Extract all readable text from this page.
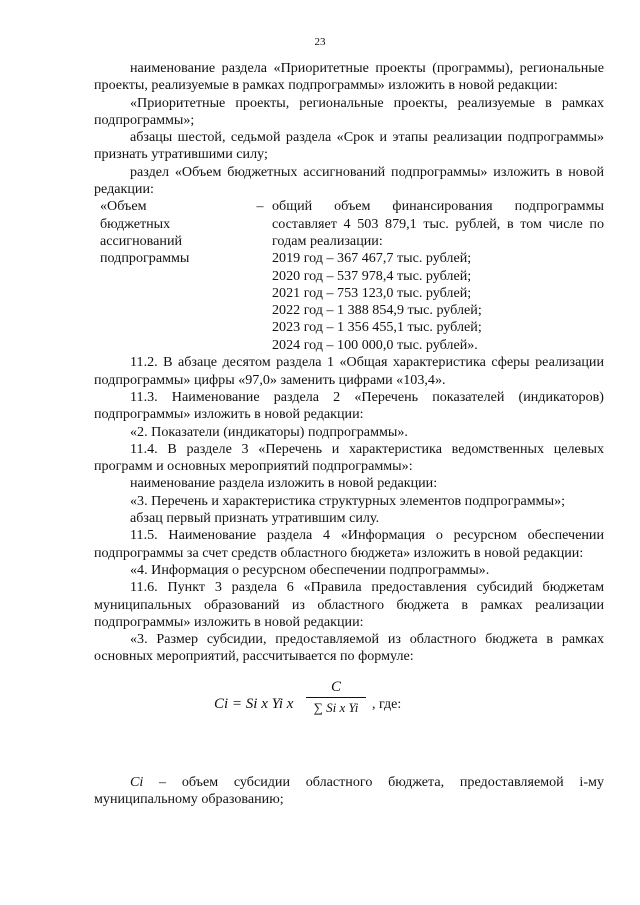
23

наименование раздела «Приоритетные проекты (программы), региональные проекты, реализуемые в рамках подпрограммы» изложить в новой редакции:

«Приоритетные проекты, региональные проекты, реализуемые в рамках подпрограммы»;

абзацы шестой, седьмой раздела «Срок и этапы реализации подпрограммы» признать утратившими силу;

раздел «Объем бюджетных ассигнований подпрограммы» изложить в новой редакции:

«Объем
бюджетных
ассигнований
подпрограммы
– общий объем финансирования подпрограммы составляет 4 503 879,1 тыс. рублей, в том числе по годам реализации:

2019 год – 367 467,7 тыс. рублей;
2020 год – 537 978,4 тыс. рублей;
2021 год – 753 123,0 тыс. рублей;
2022 год – 1 388 854,9 тыс. рублей;
2023 год – 1 356 455,1 тыс. рублей;
2024 год – 100 000,0 тыс. рублей».

11.2. В абзаце десятом раздела 1 «Общая характеристика сферы реализации подпрограммы» цифры «97,0» заменить цифрами «103,4».

11.3. Наименование раздела 2 «Перечень показателей (индикаторов) подпрограммы» изложить в новой редакции:

«2. Показатели (индикаторы) подпрограммы».

11.4. В разделе 3 «Перечень и характеристика ведомственных целевых программ и основных мероприятий подпрограммы»:

наименование раздела изложить в новой редакции:

«3. Перечень и характеристика структурных элементов подпрограммы»;

абзац первый признать утратившим силу.

11.5. Наименование раздела 4 «Информация о ресурсном обеспечении подпрограммы за счет средств областного бюджета» изложить в новой редакции:

«4. Информация о ресурсном обеспечении подпрограммы».

11.6. Пункт 3 раздела 6 «Правила предоставления субсидий бюджетам муниципальных образований из областного бюджета в рамках реализации подпрограммы» изложить в новой редакции:

«3. Размер субсидии, предоставляемой из областного бюджета в рамках основных мероприятий, рассчитывается по формуле:

Ci = Si x Yi x
C
∑ Si x Yi , где:

Ci – объем субсидии областного бюджета, предоставляемой i-му муниципальному образованию;
